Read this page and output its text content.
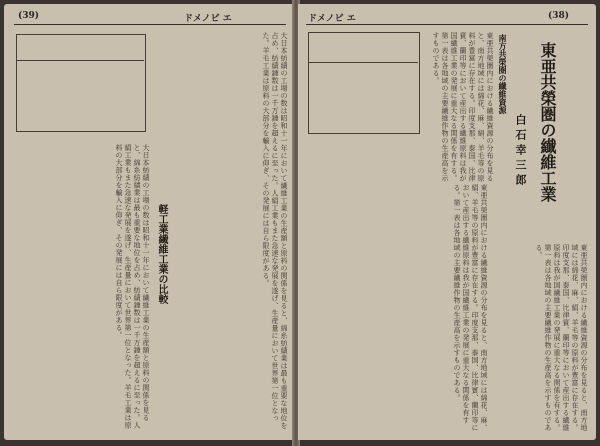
(39)	ドメノビ エ
軽工業繊維工業の比較
大日本紡績の工場の数は昭和十一年において繊維工業の生産額と原料の関係を見ると、綿糸紡績業は最も重要な地位を占め、紡績錘数は一千万錘を超えるに至った。人絹工業もまた急速な発展を遂げ、生産量において世界第一位となった。羊毛工業は原料の大部分を輸入に仰ぎ、その発展には自ら限度がある。	大日本紡績の工場の数は昭和十一年において繊維工業の生産額と原料の関係を見ると、綿糸紡績業は最も重要な地位を占め、紡績錘数は一千万錘を超えるに至った。人絹工業もまた急速な発展を遂げ、生産量において世界第一位となった。羊毛工業は原料の大部分を輸入に仰ぎ、その発展には自ら限度がある。
ドメノビ エ	(38)
東亜共榮圏の纎維工業
白石幸三郎
南方共榮圏の纎維資源
東亜共榮圏内における纎維資源の分布を見ると、南方地域には綿花、麻、絹、羊毛等の原料が豊富に存在する。印度支那、泰国、比律賓、蘭印等において産出する纎維原料は我が国纎維工業の発展に重大なる関係を有する。第一表は各地域の主要纎維作物の生産高を示すものである。
東亜共榮圏内における纎維資源の分布を見ると、南方地域には綿花、麻、絹、羊毛等の原料が豊富に存在する。印度支那、泰国、比律賓、蘭印等において産出する纎維原料は我が国纎維工業の発展に重大なる関係を有する。第一表は各地域の主要纎維作物の生産高を示すものである。	東亜共榮圏内における纎維資源の分布を見ると、南方地域には綿花、麻、絹、羊毛等の原料が豊富に存在する。印度支那、泰国、比律賓、蘭印等において産出する纎維原料は我が国纎維工業の発展に重大なる関係を有する。第一表は各地域の主要纎維作物の生産高を示すものである。
